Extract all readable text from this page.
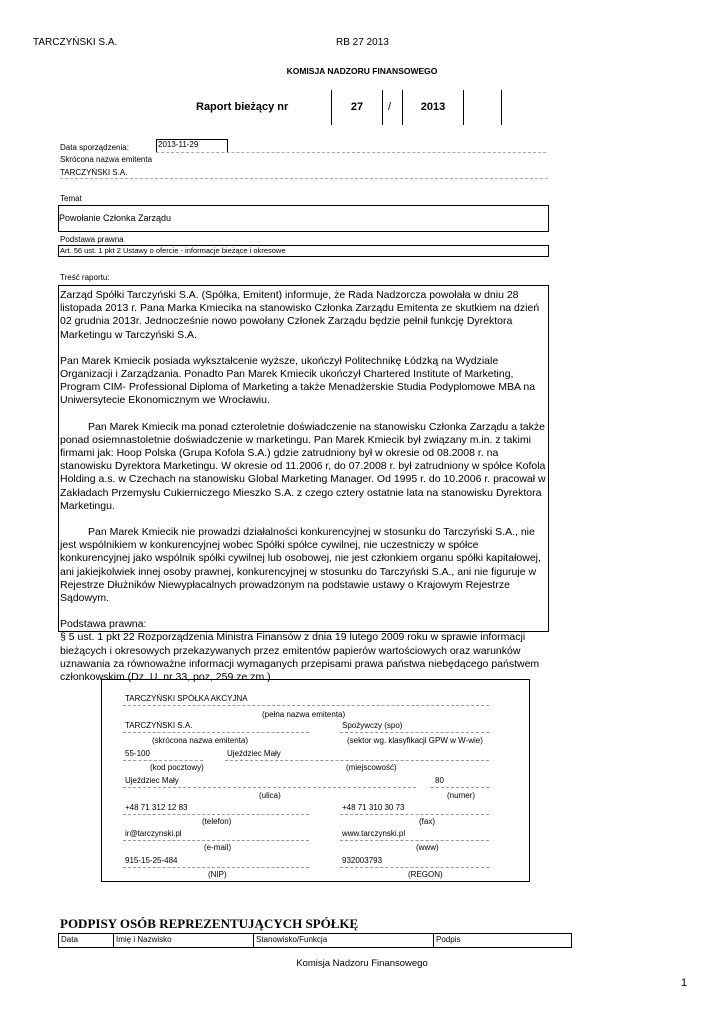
TARCZYŃSKI S.A.	RB 27 2013
KOMISJA NADZORU FINANSOWEGO
Raport bieżący nr	27	/	2013
Data sporządzenia:	2013-11-29
Skrócona nazwa emitenta
TARCZYŃSKI S.A.
Temat
Powołanie Członka Zarządu
Podstawa prawna
Art. 56 ust. 1 pkt 2 Ustawy o ofercie - informacje bieżące i okresowe
Treść raportu:

Zarząd Spółki Tarczyński S.A. (Spółka, Emitent) informuje, że Rada Nadzorcza powołała w dniu 28 listopada 2013 r. Pana Marka Kmiecika na stanowisko Członka Zarządu Emitenta ze skutkiem na dzień 02 grudnia 2013r. Jednocześnie nowo powołany Członek Zarządu będzie pełnił funkcję Dyrektora Marketingu w Tarczyński S.A.

Pan Marek Kmiecik posiada wykształcenie wyższe, ukończył Politechnikę Łódzką na Wydziale Organizacji i Zarządzania. Ponadto Pan Marek Kmiecik ukończył Chartered Institute of Marketing, Program CIM- Professional Diploma of Marketing a także Menadżerskie Studia Podyplomowe MBA na Uniwersytecie Ekonomicznym we Wrocławiu.

Pan Marek Kmiecik ma ponad czteroletnie doświadczenie na stanowisku Członka Zarządu a także ponad osiemnastoletnie doświadczenie w marketingu. Pan Marek Kmiecik był związany m.in. z takimi firmami jak: Hoop Polska (Grupa Kofola S.A.) gdzie zatrudniony był w okresie od 08.2008 r. na stanowisku Dyrektora Marketingu. W okresie od 11.2006 r, do 07.2008 r. był zatrudniony w spółce Kofola Holding a.s. w Czechach na stanowisku Global Marketing Manager. Od 1995 r. do 10.2006 r. pracował w Zakładach Przemysłu Cukierniczego Mieszko S.A. z czego cztery ostatnie lata na stanowisku Dyrektora Marketingu.

Pan Marek Kmiecik nie prowadzi działalności konkurencyjnej w stosunku do Tarczyński S.A., nie jest wspólnikiem w konkurencyjnej wobec Spółki spółce cywilnej, nie uczestniczy w spółce konkurencyjnej jako wspólnik spółki cywilnej lub osobowej, nie jest członkiem organu spółki kapitałowej, ani jakiejkolwiek innej osoby prawnej, konkurencyjnej w stosunku do Tarczyński S.A., ani nie figuruje w Rejestrze Dłużników Niewypłacalnych prowadzonym na podstawie ustawy o Krajowym Rejestrze Sądowym.

Podstawa prawna:

§ 5 ust. 1 pkt 22 Rozporządzenia Ministra Finansów z dnia 19 lutego 2009 roku w sprawie informacji bieżących i okresowych przekazywanych przez emitentów papierów wartościowych oraz warunków uznawania za równoważne informacji wymaganych przepisami prawa państwa niebędącego państwem członkowskim (Dz. U. nr 33, poz, 259 ze zm.)

TARCZYŃSKI SPÓŁKA AKCYJNA
(pełna nazwa emitenta)
TARCZYŃSKI S.A.	Spożywczy (spo)
(skrócona nazwa emitenta)	(sektor wg. klasyfikacji GPW w W-wie)
55-100	Ujeździec Mały
(kod pocztowy)	(miejscowość)
Ujeździec Mały	80
(ulica)	(numer)
+48 71 312 12 83	+48 71 310 30 73
(telefon)	(fax)
ir@tarczynski.pl	www.tarczynski.pl
(e-mail)	(www)
915-15-25-484	932003793
(NIP)	(REGON)
PODPISY OSÓB REPREZENTUJĄCYCH SPÓŁKĘ
Data	Imię i Nazwisko	Stanowisko/Funkcja	Podpis
Komisja Nadzoru Finansowego
1
